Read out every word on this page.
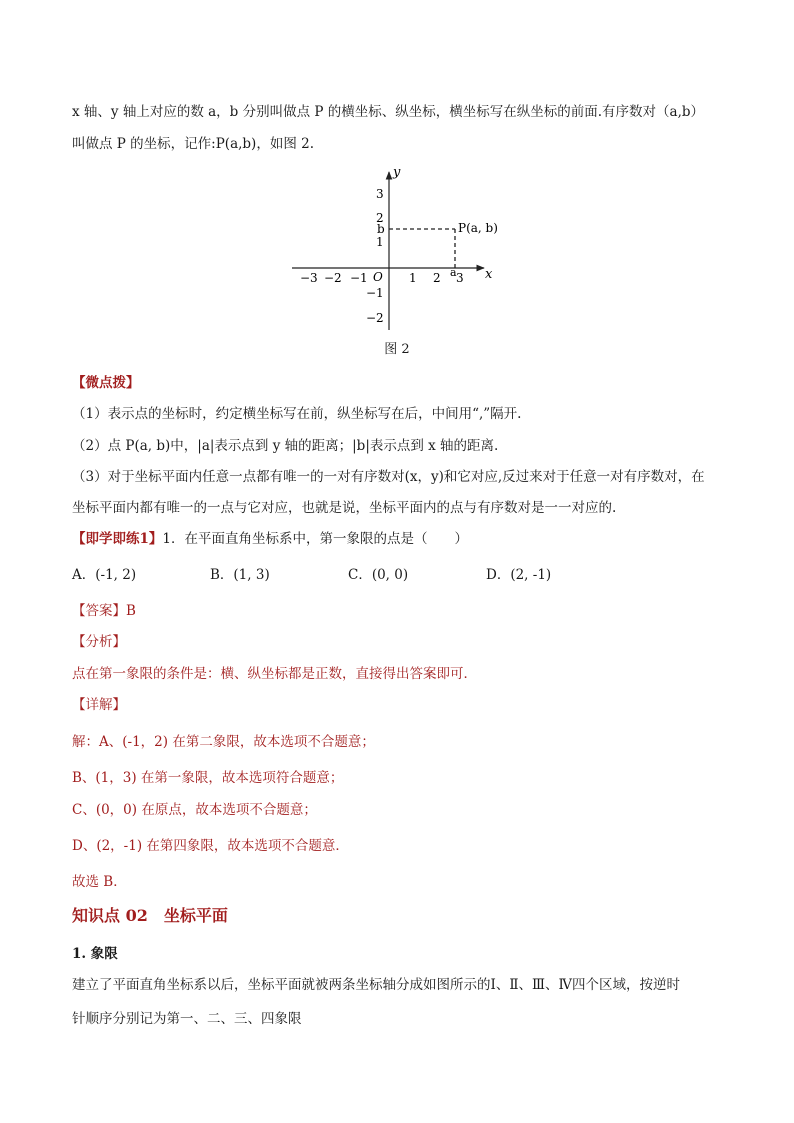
x 轴、y 轴上对应的数 a，b 分别叫做点 P 的横坐标、纵坐标，横坐标写在纵坐标的前面.有序数对（a,b）
叫做点 P 的坐标，记作:P(a,b)，如图 2.
x
y
O
−3 −2 −1	1 2 3
3
2
1
−1
−2
b
a
P(a, b)
图 2
【微点拨】
（1）表示点的坐标时，约定横坐标写在前，纵坐标写在后，中间用“,”隔开.
（2）点 P(a, b)中，|a|表示点到 y 轴的距离；|b|表示点到 x 轴的距离.
（3）对于坐标平面内任意一点都有唯一的一对有序数对(x，y)和它对应,反过来对于任意一对有序数对，在
坐标平面内都有唯一的一点与它对应，也就是说，坐标平面内的点与有序数对是一一对应的.
【即学即练1】1．在平面直角坐标系中，第一象限的点是（　　）
A．(-1, 2)	B．(1, 3)	C．(0, 0)	D．(2, -1)
【答案】B
【分析】
点在第一象限的条件是：横、纵坐标都是正数，直接得出答案即可．
【详解】
解：A、(-1，2) 在第二象限，故本选项不合题意；
B、(1，3) 在第一象限，故本选项符合题意；
C、(0，0) 在原点，故本选项不合题意；
D、(2，-1) 在第四象限，故本选项不合题意．
故选 B．
知识点 02　坐标平面
1. 象限
建立了平面直角坐标系以后，坐标平面就被两条坐标轴分成如图所示的Ⅰ、Ⅱ、Ⅲ、Ⅳ四个区域，按逆时
针顺序分别记为第一、二、三、四象限
